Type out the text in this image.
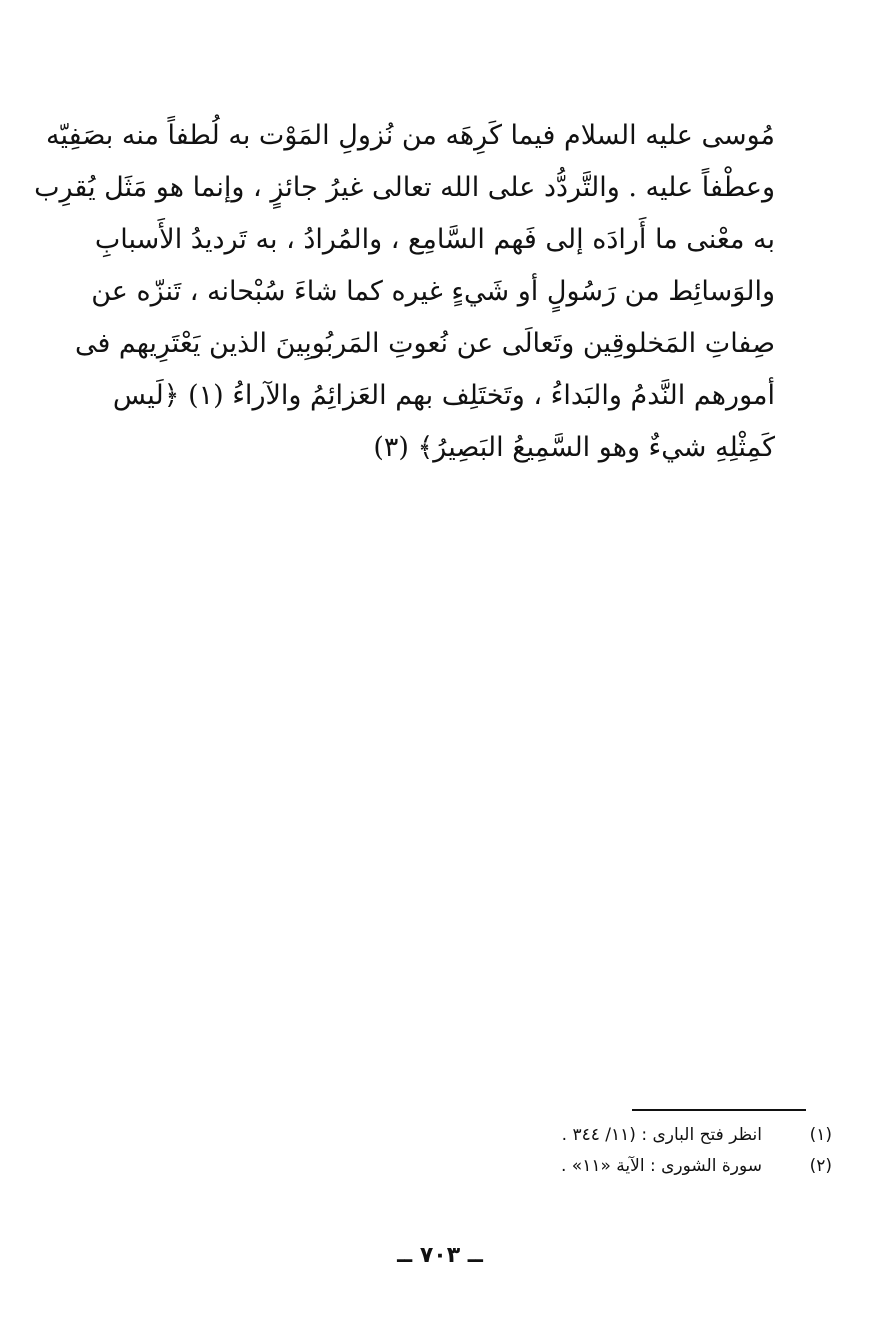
مُوسى عليه السلام فيما كَرِهَه من نُزولِ المَوْت به لُطفاً منه بصَفِيّه
وعطْفاً عليه . والتَّردُّد على الله تعالى غيرُ جائزٍ ، وإنما هو مَثَل يُقرِب
به معْنى ما أَرادَه إلى فَهم السَّامِع ، والمُرادُ ، به تَرديدُ الأَسبابِ
والوَسائِط من رَسُولٍ أو شَيءٍ غيره كما شاءَ سُبْحانه ، تَنزّه عن
صِفاتِ المَخلوقِين وتَعالَى عن نُعوتِ المَربُوبِينَ الذين يَعْتَرِيهم فى
أمورهم النَّدمُ والبَداءُ ، وتَختَلِف بهم العَزائِمُ والآراءُ (١) ﴿لَيس
كَمِثْلِهِ شيءٌ وهو السَّمِيعُ البَصِيرُ﴾ (٣)
(١)
انظر فتح البارى : (١١/ ٣٤٤ .
(٢)
سورة الشورى : الآية «١١» .
ــ ٧٠٣ ــ
